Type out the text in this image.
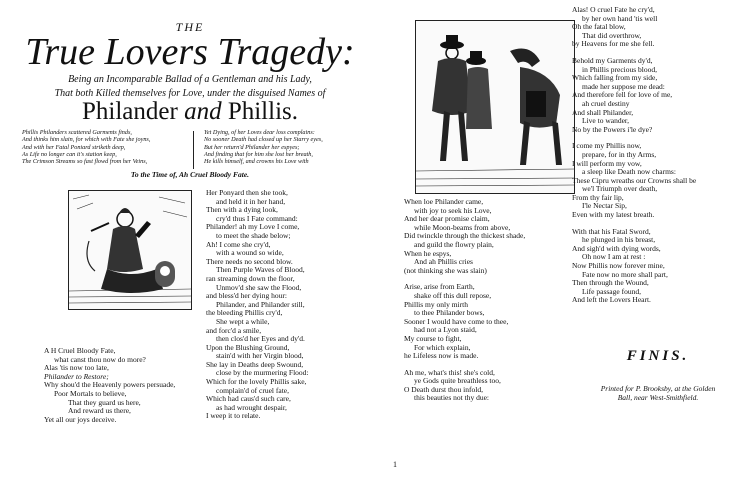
THE
True Lovers Tragedy:
Being an Incomparable Ballad of a Gentleman and his Lady,
That both Killed themselves for Love, under the disguised Names of
Philander and Phillis.
Phillis Philanders scattered Garments finds,
And thinks him slain, for which with Fate she joyns,
And with her Fatal Poniard striketh deep,
As Life no longer can it's station keep,
The Crimson Streams so fast flowd from her Veins,
Yet Dying, of her Loves dear loss complains:
No sooner Death had closed up her Starry eyes,
But her return'd Philander her espyes;
And finding that for him she lost her breath,
He kills himself, and crowns his Love with
To the Time of, Ah Cruel Bloody Fate.
A H Cruel Bloody Fate,
what canst thou now do more?
Alas 'tis now too late,
Philander to Restore;
Why shou'd the Heavenly powers persuade,
Poor Mortals to believe,
That they guard us here,
And reward us there,
Yet all our joys deceive.
Her Ponyard then she took,
and held it in her hand,
Then with a dying look,
cry'd thus I Fate command:
Philander! ah my Love I come,
to meet the shade below;
Ah! I come she cry'd,
with a wound so wide,
There needs no second blow.
Then Purple Waves of Blood,
ran streaming down the floor,
Unmov'd she saw the Flood,
and bless'd her dying hour:
Philander, and Philander still,
the bleeding Phillis cry'd,
She wept a while,
and forc'd a smile,
then clos'd her Eyes and dy'd.
Upon the Blushing Ground,
stain'd with her Virgin blood,
She lay in Deaths deep Swound,
close by the murmering Flood:
Which for the lovely Phillis sake,
complain'd of cruel fate,
Which had caus'd such care,
as had wrought despair,
I weep it to relate.
When loe Philander came,
with joy to seek his Love,
And her dear promise claim,
while Moon-beams from above,
Did twinckle through the thickest shade,
and guild the flowry plain,
When he espys,
And ah Phillis cries
(not thinking she was slain)
Arise, arise from Earth,
shake off this dull repose,
Phillis my only mirth
to thee Philander bows,
Sooner I would have come to thee,
had not a Lyon staid,
My course to fight,
For which explain,
he Lifeless now is made.
Ah me, what's this! she's cold,
ye Gods quite breathless too,
O Death durst thou infold,
this beauties not thy due:
Alas! O cruel Fate he cry'd,
by her own hand 'tis well
Oh the fatal blow,
That did overthrow,
by Heavens for me she fell.
Behold my Garments dy'd,
in Phillis precious blood,
Which falling from my side,
made her suppose me dead:
And therefore fell for love of me,
ah cruel destiny
And shall Philander,
Live to wander,
No by the Powers i'le dye?
I come my Phillis now,
prepare, for in thy Arms,
I will perform my vow,
a sleep like Death now charms:
These Cipru wreaths our Crowns shall be
we'l Triumph over death,
From thy fair lip,
I'le Nectar Sip,
Even with my latest breath.
With that his Fatal Sword,
he plunged in his breast,
And sigh'd with dying words,
Oh now I am at rest :
Now Phillis now forever mine,
Fate now no more shall part,
Then through the Wound,
Life passage found,
And left the Lovers Heart.
FINIS.
Printed for P. Brooksby, at the Golden
Ball, near West-Smithfield.
1
